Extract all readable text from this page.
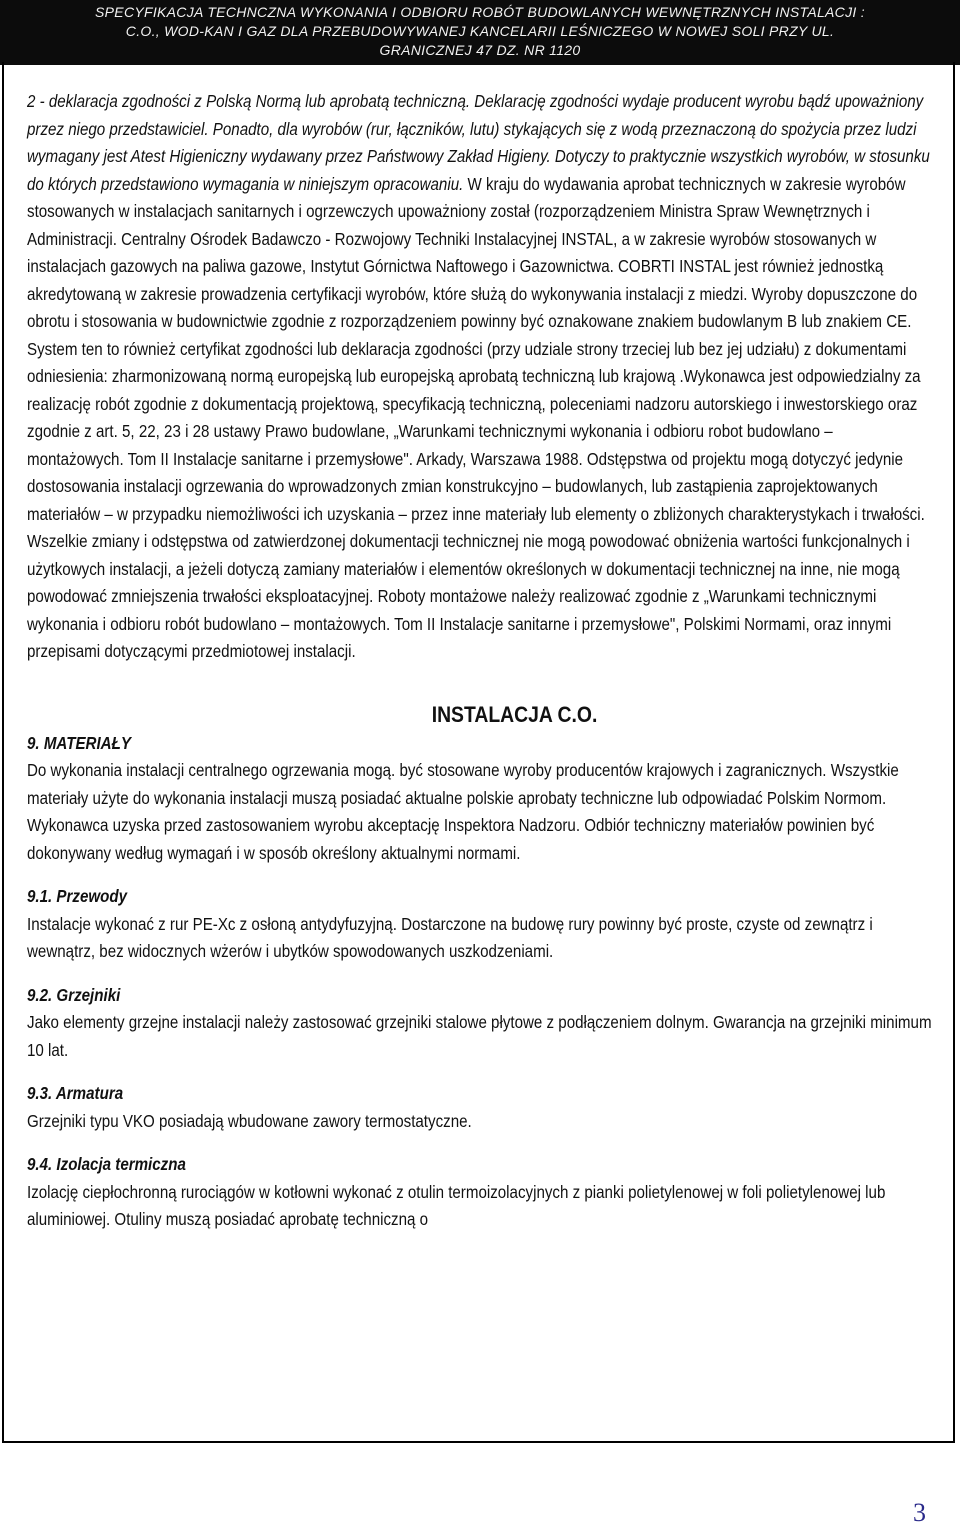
SPECYFIKACJA TECHNCZNA WYKONANIA I ODBIORU ROBÓT BUDOWLANYCH WEWNĘTRZNYCH INSTALACJI :
C.O., WOD-KAN I GAZ DLA PRZEBUDOWYWANEJ KANCELARII LEŚNICZEGO W NOWEJ SOLI PRZY UL.
GRANICZNEJ 47 DZ. NR 1120

2 - deklaracja zgodności z Polską Normą lub aprobatą techniczną. Deklarację zgodności wydaje producent wyrobu bądź upoważniony przez niego przedstawiciel. Ponadto, dla wyrobów (rur, łączników, lutu) stykających się z wodą przeznaczoną do spożycia przez ludzi wymagany jest Atest Higieniczny wydawany przez Państwowy Zakład Higieny. Dotyczy to praktycznie wszystkich wyrobów, w stosunku do których przedstawiono wymagania w niniejszym opracowaniu. W kraju do wydawania aprobat technicznych w zakresie wyrobów stosowanych w instalacjach sanitarnych i ogrzewczych upoważniony został (rozporządzeniem Ministra Spraw Wewnętrznych i Administracji. Centralny Ośrodek Badawczo - Rozwojowy Techniki Instalacyjnej INSTAL, a w zakresie wyrobów stosowanych w instalacjach gazowych na paliwa gazowe, Instytut Górnictwa Naftowego i Gazownictwa. COBRTI INSTAL jest również jednostką akredytowaną w zakresie prowadzenia certyfikacji wyrobów, które służą do wykonywania instalacji z miedzi. Wyroby dopuszczone do obrotu i stosowania w budownictwie zgodnie z rozporządzeniem powinny być oznakowane znakiem budowlanym B lub znakiem CE. System ten to również certyfikat zgodności lub deklaracja zgodności (przy udziale strony trzeciej lub bez jej udziału) z dokumentami odniesienia: zharmonizowaną normą europejską lub europejską aprobatą techniczną lub krajową .Wykonawca jest odpowiedzialny za realizację robót zgodnie z dokumentacją projektową, specyfikacją techniczną, poleceniami nadzoru autorskiego i inwestorskiego oraz zgodnie z art. 5, 22, 23 i 28 ustawy Prawo budowlane, „Warunkami technicznymi wykonania i odbioru robot budowlano – montażowych. Tom II Instalacje sanitarne i przemysłowe". Arkady, Warszawa 1988. Odstępstwa od projektu mogą dotyczyć jedynie dostosowania instalacji ogrzewania do wprowadzonych zmian konstrukcyjno – budowlanych, lub zastąpienia zaprojektowanych materiałów – w przypadku niemożliwości ich uzyskania – przez inne materiały lub elementy o zbliżonych charakterystykach i trwałości. Wszelkie zmiany i odstępstwa od zatwierdzonej dokumentacji technicznej nie mogą powodować obniżenia wartości funkcjonalnych i użytkowych instalacji, a jeżeli dotyczą zamiany materiałów i elementów określonych w dokumentacji technicznej na inne, nie mogą powodować zmniejszenia trwałości eksploatacyjnej. Roboty montażowe należy realizować zgodnie z „Warunkami technicznymi wykonania i odbioru robót budowlano – montażowych. Tom II Instalacje sanitarne i przemysłowe", Polskimi Normami, oraz innymi przepisami dotyczącymi przedmiotowej instalacji.

INSTALACJA C.O.

9. MATERIAŁY

Do wykonania instalacji centralnego ogrzewania mogą. być stosowane wyroby producentów krajowych i zagranicznych. Wszystkie materiały użyte do wykonania instalacji muszą posiadać aktualne polskie aprobaty techniczne lub odpowiadać Polskim Normom. Wykonawca uzyska przed zastosowaniem wyrobu akceptację Inspektora Nadzoru. Odbiór techniczny materiałów powinien być dokonywany według wymagań i w sposób określony aktualnymi normami.

9.1. Przewody

Instalacje wykonać z rur PE-Xc z osłoną antydyfuzyjną. Dostarczone na budowę rury powinny być proste, czyste od zewnątrz i wewnątrz, bez widocznych wżerów i ubytków spowodowanych uszkodzeniami.

9.2. Grzejniki

Jako elementy grzejne instalacji należy zastosować grzejniki stalowe płytowe z podłączeniem dolnym. Gwarancja na grzejniki minimum 10 lat.

9.3. Armatura

Grzejniki typu VKO posiadają wbudowane zawory termostatyczne.

9.4. Izolacja termiczna

Izolację ciepłochronną rurociągów w kotłowni wykonać z otulin termoizolacyjnych z pianki polietylenowej w foli polietylenowej lub aluminiowej. Otuliny muszą posiadać aprobatę techniczną o

3
